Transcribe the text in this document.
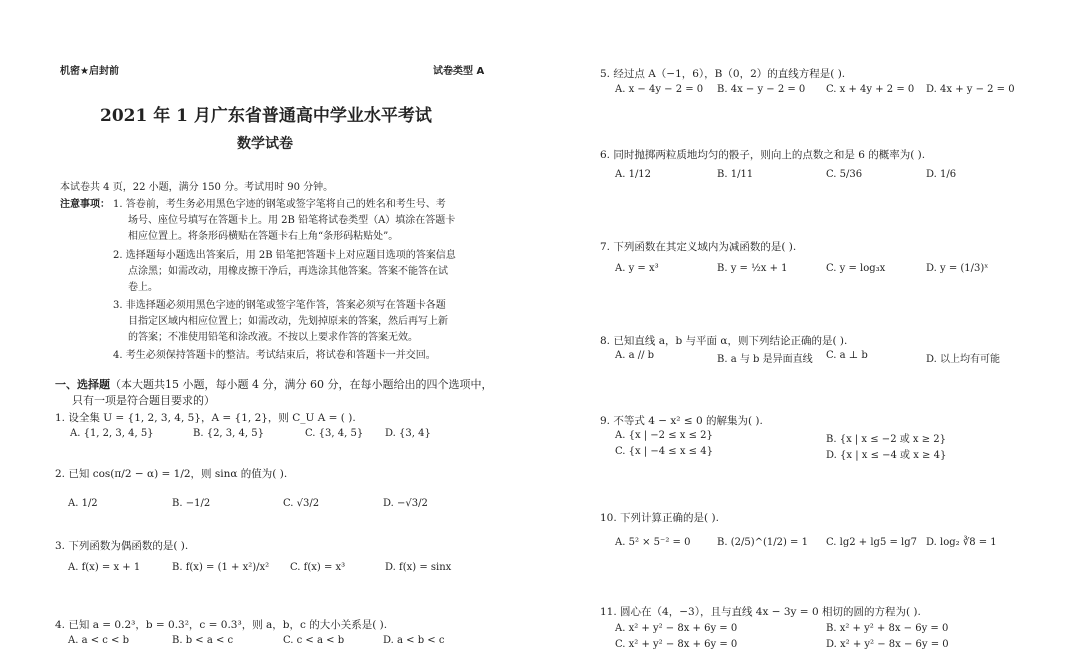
机密★启封前	试卷类型 A
2021 年 1 月广东省普通高中学业水平考试
数学试卷
本试卷共 4 页，22 小题，满分 150 分。考试用时 90 分钟。
注意事项： 1. 答卷前，考生务必用黑色字迹的钢笔或签字笔将自己的姓名和考生号、考
场号、座位号填写在答题卡上。用 2B 铅笔将试卷类型（A）填涂在答题卡
相应位置上。将条形码横贴在答题卡右上角“条形码粘贴处”。
2. 选择题每小题选出答案后，用 2B 铅笔把答题卡上对应题目选项的答案信息
点涂黑；如需改动，用橡皮擦干净后，再选涂其他答案。答案不能答在试
卷上。
3. 非选择题必须用黑色字迹的钢笔或签字笔作答，答案必须写在答题卡各题
目指定区域内相应位置上；如需改动，先划掉原来的答案，然后再写上新
的答案；不准使用铅笔和涂改液。不按以上要求作答的答案无效。
4. 考生必须保持答题卡的整洁。考试结束后，将试卷和答题卡一并交回。
一、选择题（本大题共15 小题，每小题 4 分，满分 60 分，在每小题给出的四个选项中，
只有一项是符合题目要求的）
1. 设全集 U = {1, 2, 3, 4, 5}，A = {1, 2}，则 C_U A = ( ).
A. {1, 2, 3, 4, 5}	B. {2, 3, 4, 5}	C. {3, 4, 5} D. {3, 4}
2. 已知 cos(π/2 − α) = 1/2，则 sinα 的值为( ).
A. 1/2	B. −1/2	C. √3/2	D. −√3/2
3. 下列函数为偶函数的是( ).
A. f(x) = x + 1	B. f(x) = (1 + x²)/x² C. f(x) = x³	D. f(x) = sinx
4. 已知 a = 0.2³，b = 0.3²，c = 0.3³，则 a，b，c 的大小关系是( ).
A. a < c < b	B. b < a < c	C. c < a < b	D. a < b < c
5. 经过点 A（−1，6），B（0，2）的直线方程是( ).
A. x − 4y − 2 = 0 B. 4x − y − 2 = 0 C. x + 4y + 2 = 0 D. 4x + y − 2 = 0
6. 同时抛掷两粒质地均匀的骰子，则向上的点数之和是 6 的概率为( ).
A. 1/12	B. 1/11	C. 5/36	D. 1/6
7. 下列函数在其定义域内为减函数的是( ).
A. y = x³	B. y = ½x + 1	C. y = log₃x	D. y = (1/3)ˣ
8. 已知直线 a，b 与平面 α，则下列结论正确的是( ).
A. a // b	B. a 与 b 是异面直线 C. a ⊥ b	D. 以上均有可能
9. 不等式 4 − x² ≤ 0 的解集为( ).
A. {x | −2 ≤ x ≤ 2}	B. {x | x ≤ −2 或 x ≥ 2}
C. {x | −4 ≤ x ≤ 4}	D. {x | x ≤ −4 或 x ≥ 4}
10. 下列计算正确的是( ).
A. 5² × 5⁻² = 0	B. (2/5)^(1/2) = 1 C. lg2 + lg5 = lg7 D. log₂ ∛8 = 1
11. 圆心在（4，−3），且与直线 4x − 3y = 0 相切的圆的方程为( ).
A. x² + y² − 8x + 6y = 0	B. x² + y² + 8x − 6y = 0
C. x² + y² − 8x + 6y = 0	D. x² + y² − 8x − 6y = 0
